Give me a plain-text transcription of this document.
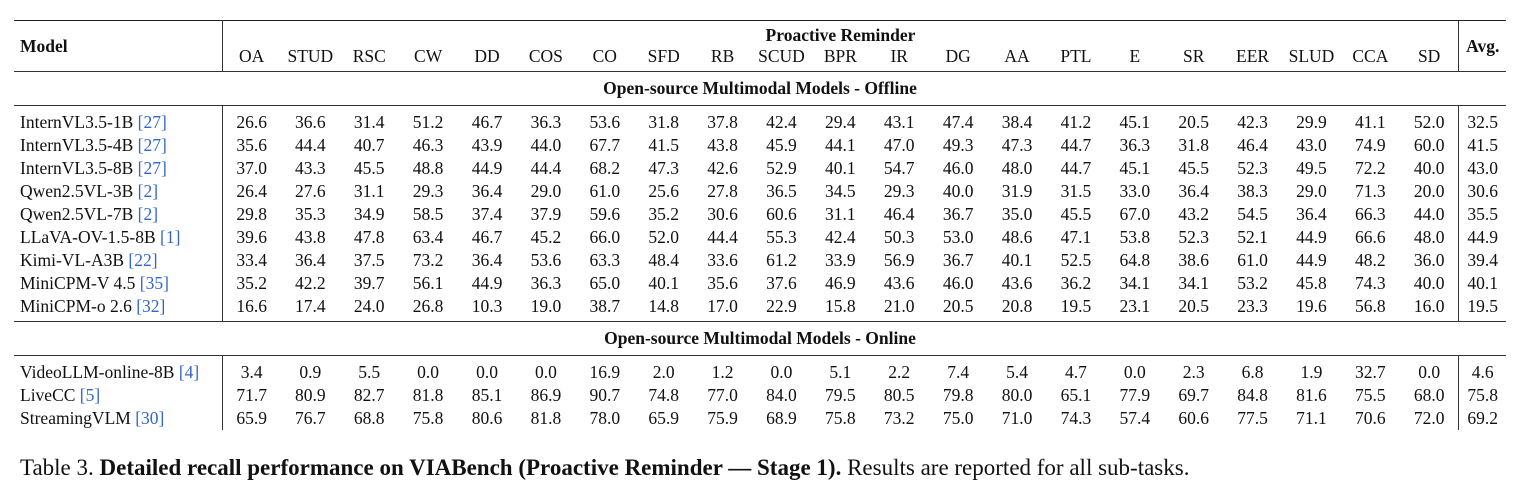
Model	Proactive Reminder																					Avg.
	OA	STUD	RSC	CW	DD	COS	CO	SFD	RB	SCUD	BPR	IR	DG	AA	PTL	E	SR	EER	SLUD	CCA	SD	
Open-source Multimodal Models - Offline																						
InternVL3.5-1B [27]	26.6	36.6	31.4	51.2	46.7	36.3	53.6	31.8	37.8	42.4	29.4	43.1	47.4	38.4	41.2	45.1	20.5	42.3	29.9	41.1	52.0	32.5
InternVL3.5-4B [27]	35.6	44.4	40.7	46.3	43.9	44.0	67.7	41.5	43.8	45.9	44.1	47.0	49.3	47.3	44.7	36.3	31.8	46.4	43.0	74.9	60.0	41.5
InternVL3.5-8B [27]	37.0	43.3	45.5	48.8	44.9	44.4	68.2	47.3	42.6	52.9	40.1	54.7	46.0	48.0	44.7	45.1	45.5	52.3	49.5	72.2	40.0	43.0
Qwen2.5VL-3B [2]	26.4	27.6	31.1	29.3	36.4	29.0	61.0	25.6	27.8	36.5	34.5	29.3	40.0	31.9	31.5	33.0	36.4	38.3	29.0	71.3	20.0	30.6
Qwen2.5VL-7B [2]	29.8	35.3	34.9	58.5	37.4	37.9	59.6	35.2	30.6	60.6	31.1	46.4	36.7	35.0	45.5	67.0	43.2	54.5	36.4	66.3	44.0	35.5
LLaVA-OV-1.5-8B [1]	39.6	43.8	47.8	63.4	46.7	45.2	66.0	52.0	44.4	55.3	42.4	50.3	53.0	48.6	47.1	53.8	52.3	52.1	44.9	66.6	48.0	44.9
Kimi-VL-A3B [22]	33.4	36.4	37.5	73.2	36.4	53.6	63.3	48.4	33.6	61.2	33.9	56.9	36.7	40.1	52.5	64.8	38.6	61.0	44.9	48.2	36.0	39.4
MiniCPM-V 4.5 [35]	35.2	42.2	39.7	56.1	44.9	36.3	65.0	40.1	35.6	37.6	46.9	43.6	46.0	43.6	36.2	34.1	34.1	53.2	45.8	74.3	40.0	40.1
MiniCPM-o 2.6 [32]	16.6	17.4	24.0	26.8	10.3	19.0	38.7	14.8	17.0	22.9	15.8	21.0	20.5	20.8	19.5	23.1	20.5	23.3	19.6	56.8	16.0	19.5
Open-source Multimodal Models - Online																						
VideoLLM-online-8B [4]	3.4	0.9	5.5	0.0	0.0	0.0	16.9	2.0	1.2	0.0	5.1	2.2	7.4	5.4	4.7	0.0	2.3	6.8	1.9	32.7	0.0	4.6
LiveCC [5]	71.7	80.9	82.7	81.8	85.1	86.9	90.7	74.8	77.0	84.0	79.5	80.5	79.8	80.0	65.1	77.9	69.7	84.8	81.6	75.5	68.0	75.8
StreamingVLM [30]	65.9	76.7	68.8	75.8	80.6	81.8	78.0	65.9	75.9	68.9	75.8	73.2	75.0	71.0	74.3	57.4	60.6	77.5	71.1	70.6	72.0	69.2
Table 3. Detailed recall performance on VIABench (Proactive Reminder — Stage 1). Results are reported for all sub-tasks.
